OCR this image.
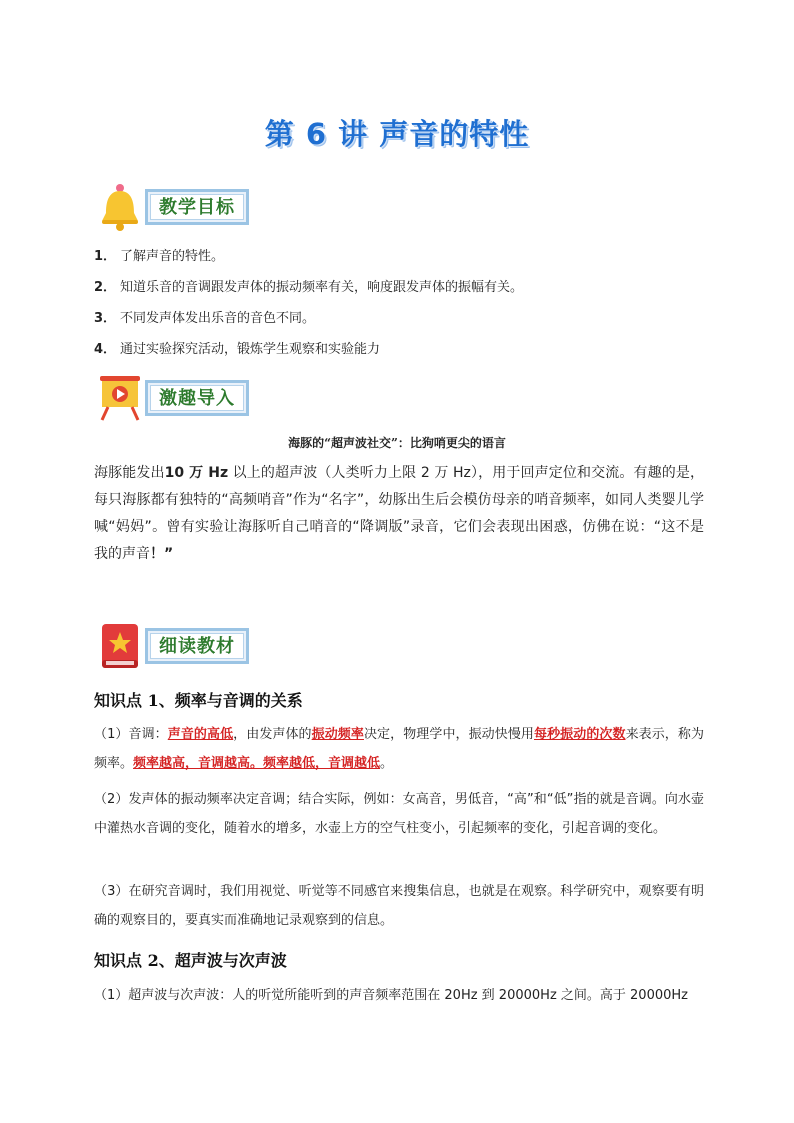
第 6 讲 声音的特性
教学目标
1． 了解声音的特性。
2． 知道乐音的音调跟发声体的振动频率有关，响度跟发声体的振幅有关。
3． 不同发声体发出乐音的音色不同。
4． 通过实验探究活动，锻炼学生观察和实验能力
激趣导入
海豚的“超声波社交”：比狗哨更尖的语言
海豚能发出10 万 Hz 以上的超声波（人类听力上限 2 万 Hz），用于回声定位和交流。有趣的是，每只海豚都有独特的“高频哨音”作为“名字”，幼豚出生后会模仿母亲的哨音频率，如同人类婴儿学喊“妈妈”。曾有实验让海豚听自己哨音的“降调版”录音，它们会表现出困惑，仿佛在说：“这不是我的声音！”
细读教材
知识点 1、频率与音调的关系
（1）音调：声音的高低，由发声体的振动频率决定，物理学中，振动快慢用每秒振动的次数来表示，称为频率。频率越高，音调越高。频率越低，音调越低。
（2）发声体的振动频率决定音调；结合实际，例如：女高音，男低音，“高”和“低”指的就是音调。向水壶中灌热水音调的变化，随着水的增多，水壶上方的空气柱变小，引起频率的变化，引起音调的变化。
（3）在研究音调时，我们用视觉、听觉等不同感官来搜集信息，也就是在观察。科学研究中，观察要有明确的观察目的，要真实而准确地记录观察到的信息。
知识点 2、超声波与次声波
（1）超声波与次声波：人的听觉所能听到的声音频率范围在 20Hz 到 20000Hz 之间。高于 20000Hz
